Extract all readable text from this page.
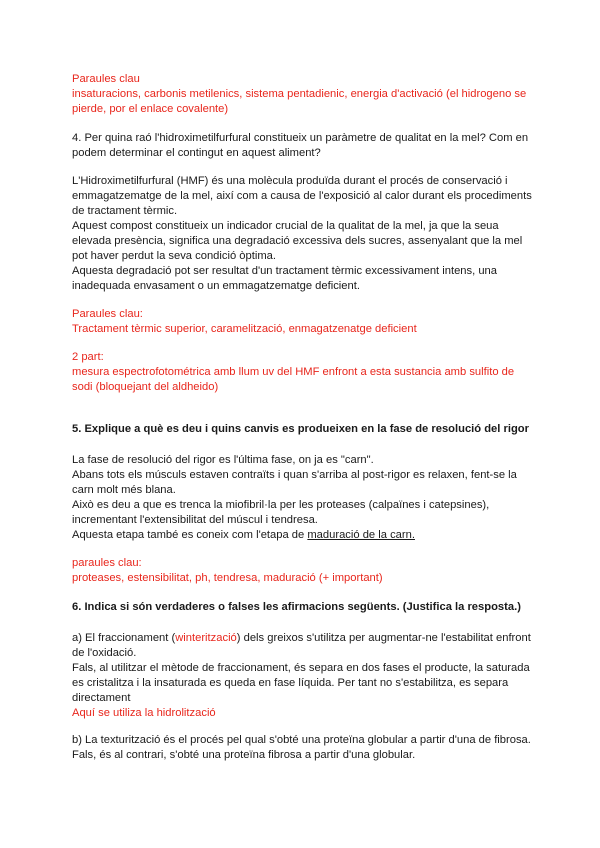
Paraules clau

insaturacions, carbonis metilenics, sistema pentadienic, energia d'activació (el hidrogeno se pierde, por el enlace covalente)

4. Per quina raó l'hidroximetilfurfural constitueix un paràmetre de qualitat en la mel? Com en podem determinar el contingut en aquest aliment?

L'Hidroximetilfurfural (HMF) és una molècula produïda durant el procés de conservació i emmagatzematge de la mel, així com a causa de l'exposició al calor durant els procediments de tractament tèrmic.

Aquest compost constitueix un indicador crucial de la qualitat de la mel, ja que la seua elevada presència, significa una degradació excessiva dels sucres, assenyalant que la mel pot haver perdut la seva condició òptima.

Aquesta degradació pot ser resultat d'un tractament tèrmic excessivament intens, una inadequada envasament o un emmagatzematge deficient.

Paraules clau:

Tractament tèrmic superior, caramelització, enmagatzenatge deficient

2 part:

mesura espectrofotométrica amb llum uv del HMF enfront a esta sustancia amb sulfito de sodi (bloquejant del aldheido)

5. Explique a què es deu i quins canvis es produeixen en la fase de resolució del rigor

La fase de resolució del rigor es l'última fase, on ja es "carn".

Abans tots els músculs estaven contraïts i quan s'arriba al post-rigor es relaxen, fent-se la carn molt més blana.

Això es deu a que es trenca la miofibril·la per les proteases (calpaïnes i catepsines), incrementant l'extensibilitat del múscul i tendresa.

Aquesta etapa també es coneix com l'etapa de maduració de la carn.

paraules clau:

proteases, estensibilitat, ph, tendresa, maduració (+ important)

6. Indica si són verdaderes o falses les afirmacions següents. (Justifica la resposta.)

a) El fraccionament (winterització) dels greixos s'utilitza per augmentar-ne l'estabilitat enfront de l'oxidació.

Fals, al utilitzar el mètode de fraccionament, és separa en dos fases el producte, la saturada es cristalitza i la insaturada es queda en fase líquida. Per tant no s'estabilitza, es separa directament

Aquí se utiliza la hidrolització

b) La texturització és el procés pel qual s'obté una proteïna globular a partir d'una de fibrosa.

Fals, és al contrari, s'obté una proteïna fibrosa a partir d'una globular.
